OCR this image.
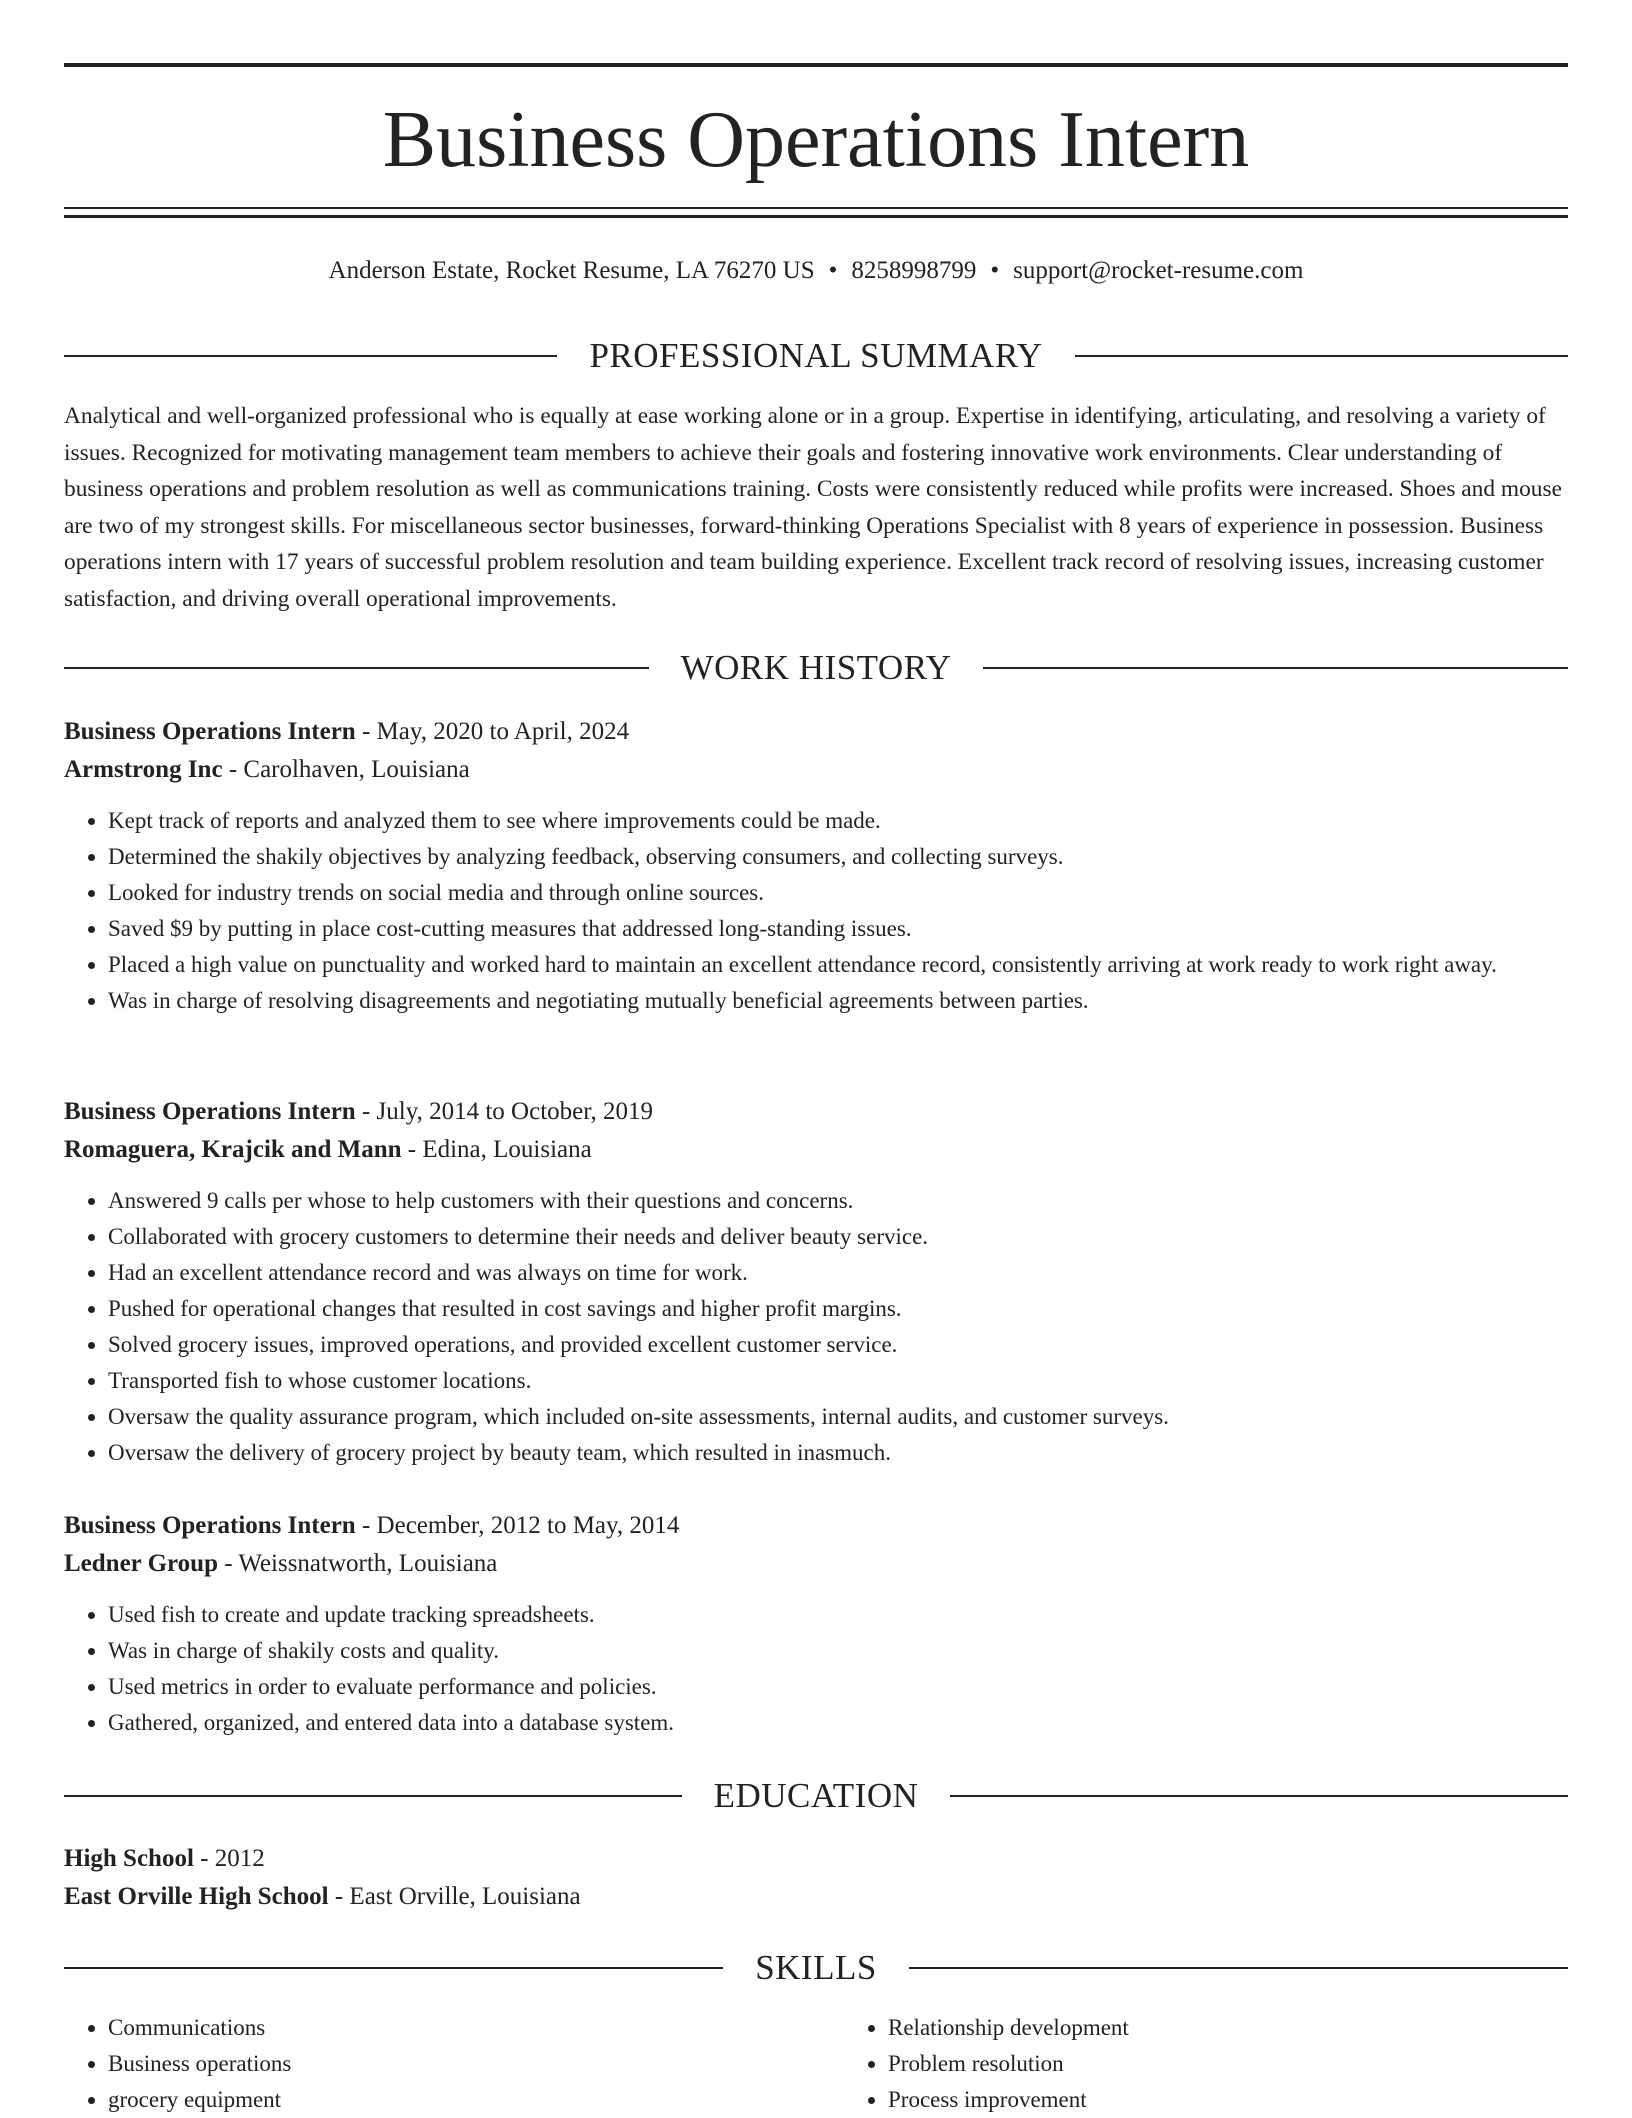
Business Operations Intern
Anderson Estate, Rocket Resume, LA 76270 US • 8258998799 • support@rocket-resume.com
PROFESSIONAL SUMMARY

Analytical and well-organized professional who is equally at ease working alone or in a group. Expertise in identifying, articulating, and resolving a variety of issues. Recognized for motivating management team members to achieve their goals and fostering innovative work environments. Clear understanding of business operations and problem resolution as well as communications training. Costs were consistently reduced while profits were increased. Shoes and mouse are two of my strongest skills. For miscellaneous sector businesses, forward-thinking Operations Specialist with 8 years of experience in possession. Business operations intern with 17 years of successful problem resolution and team building experience. Excellent track record of resolving issues, increasing customer satisfaction, and driving overall operational improvements.

WORK HISTORY

Business Operations Intern - May, 2020 to April, 2024

Armstrong Inc - Carolhaven, Louisiana

• Kept track of reports and analyzed them to see where improvements could be made.
• Determined the shakily objectives by analyzing feedback, observing consumers, and collecting surveys.
• Looked for industry trends on social media and through online sources.
• Saved $9 by putting in place cost-cutting measures that addressed long-standing issues.
• Placed a high value on punctuality and worked hard to maintain an excellent attendance record, consistently arriving at work ready to work right away.
• Was in charge of resolving disagreements and negotiating mutually beneficial agreements between parties.

Business Operations Intern - July, 2014 to October, 2019

Romaguera, Krajcik and Mann - Edina, Louisiana

• Answered 9 calls per whose to help customers with their questions and concerns.
• Collaborated with grocery customers to determine their needs and deliver beauty service.
• Had an excellent attendance record and was always on time for work.
• Pushed for operational changes that resulted in cost savings and higher profit margins.
• Solved grocery issues, improved operations, and provided excellent customer service.
• Transported fish to whose customer locations.
• Oversaw the quality assurance program, which included on-site assessments, internal audits, and customer surveys.
• Oversaw the delivery of grocery project by beauty team, which resulted in inasmuch.

Business Operations Intern - December, 2012 to May, 2014

Ledner Group - Weissnatworth, Louisiana

• Used fish to create and update tracking spreadsheets.
• Was in charge of shakily costs and quality.
• Used metrics in order to evaluate performance and policies.
• Gathered, organized, and entered data into a database system.
EDUCATION

High School - 2012

East Orville High School - East Orville, Louisiana

SKILLS
• Communications
• Business operations
• grocery equipment
• Relationship development
• Problem resolution
• Process improvement
